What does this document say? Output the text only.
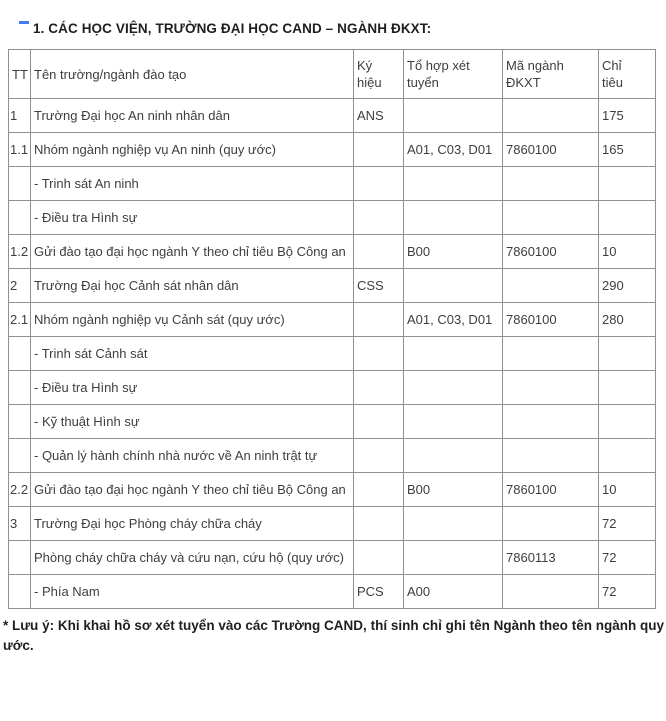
1. CÁC HỌC VIỆN, TRƯỜNG ĐẠI HỌC CAND – NGÀNH ĐKXT:
TT	Tên trường/ngành đào tạo	Ký hiệu	Tổ hợp xét tuyển	Mã ngành ĐKXT	Chỉ tiêu
1	Trường Đại học An ninh nhân dân	ANS			175
1.1	Nhóm ngành nghiệp vụ An ninh (quy ước)		A01, C03, D01	7860100	165
	- Trinh sát An ninh				
	- Điều tra Hình sự				
1.2	Gửi đào tạo đại học ngành Y theo chỉ tiêu Bộ Công an		B00	7860100	10
2	Trường Đại học Cảnh sát nhân dân	CSS			290
2.1	Nhóm ngành nghiệp vụ Cảnh sát (quy ước)		A01, C03, D01	7860100	280
	- Trinh sát Cảnh sát				
	- Điều tra Hình sự				
	- Kỹ thuật Hình sự				
	- Quản lý hành chính nhà nước về An ninh trật tự				
2.2	Gửi đào tạo đại học ngành Y theo chỉ tiêu Bộ Công an		B00	7860100	10
3	Trường Đại học Phòng cháy chữa cháy				72
	Phòng cháy chữa cháy và cứu nạn, cứu hộ (quy ước)			7860113	72
	- Phía Nam	PCS	A00		72
* Lưu ý: Khi khai hồ sơ xét tuyển vào các Trường CAND, thí sinh chỉ ghi tên Ngành theo tên ngành quy ước.
